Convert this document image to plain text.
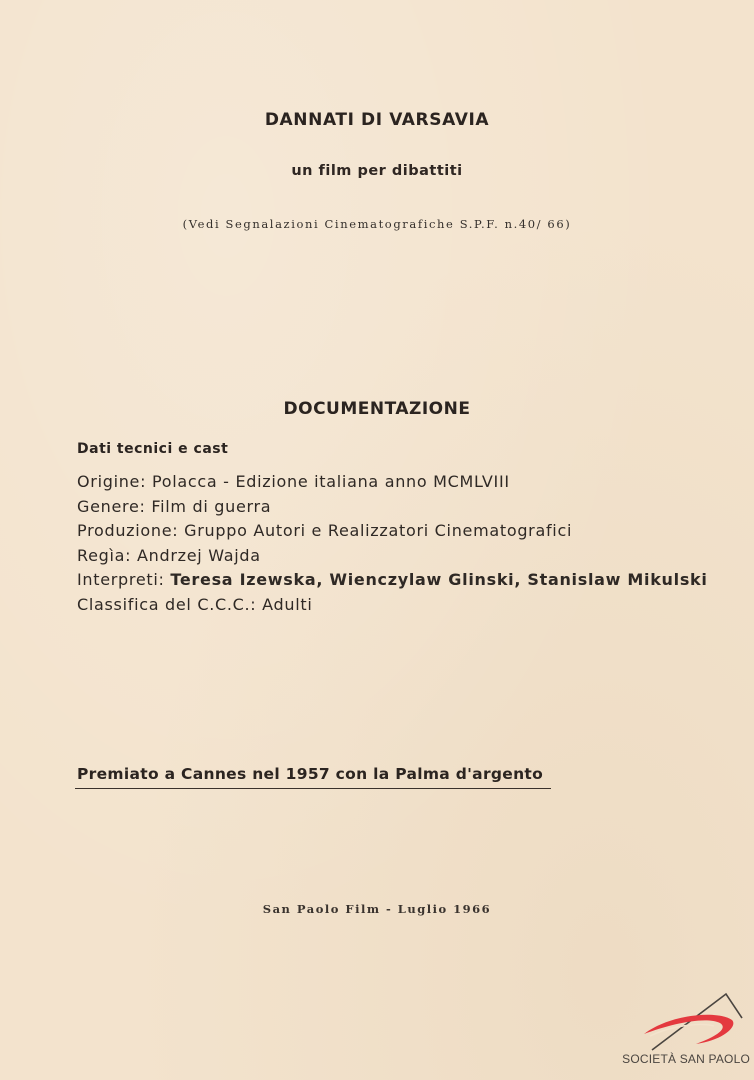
DANNATI DI VARSAVIA
un film per dibattiti
(Vedi Segnalazioni Cinematografiche S.P.F. n.40/ 66)
DOCUMENTAZIONE
Dati tecnici e cast
Origine: Polacca - Edizione italiana anno MCMLVIII
Genere: Film di guerra
Produzione: Gruppo Autori e Realizzatori Cinematografici
Regìa: Andrzej Wajda
Interpreti: Teresa Izewska, Wienczylaw Glinski, Stanislaw Mikulski
Classifica del C.C.C.: Adulti
Premiato a Cannes nel 1957 con la Palma d'argento
San Paolo Film - Luglio 1966
SOCIETÀ SAN PAOLO
